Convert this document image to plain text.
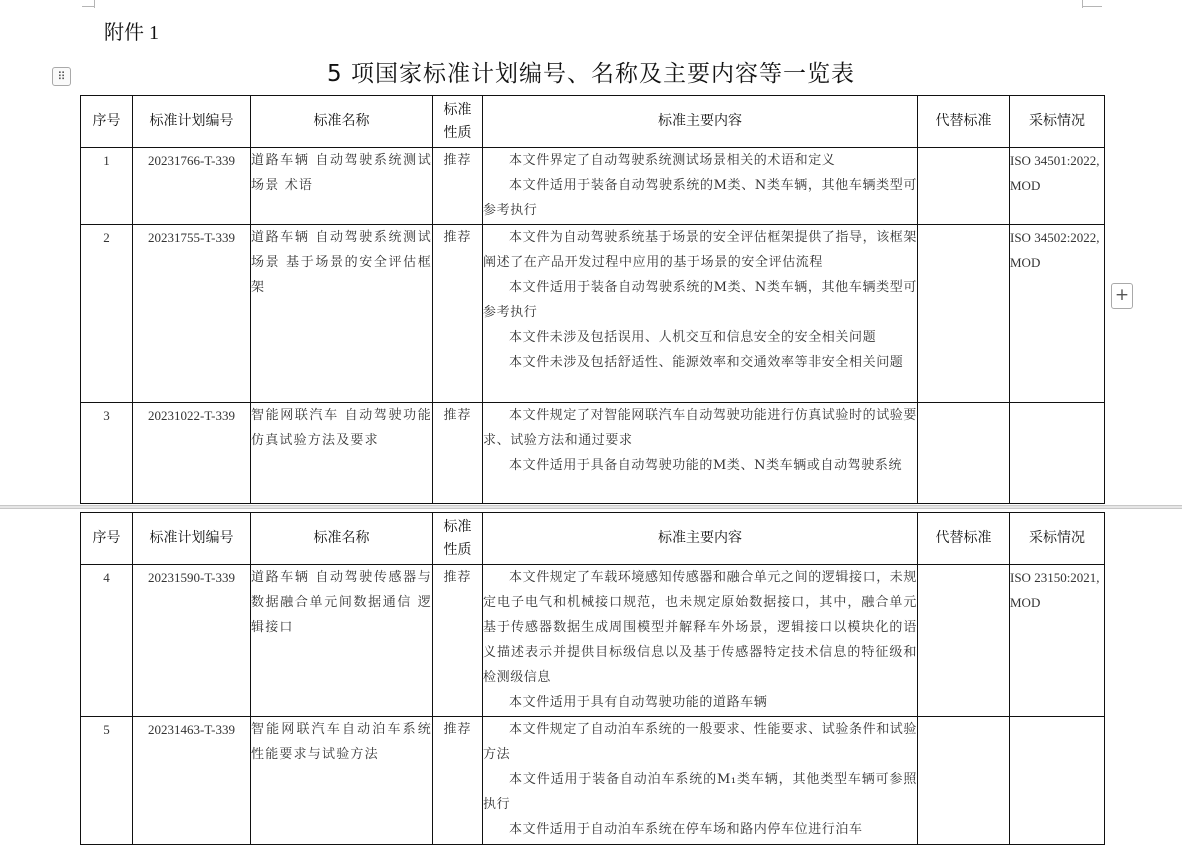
附件 1
5 项国家标准计划编号、名称及主要内容等一览表
⠿
+
序号	标准计划编号	标准名称	标准性质	标准主要内容	代替标准	采标情况
1	20231766-T-339	道路车辆 自动驾驶系统测试场景 术语	推荐	本文件界定了自动驾驶系统测试场景相关的术语和定义

本文件适用于装备自动驾驶系统的M类、N类车辆，其他车辆类型可参考执行		ISO 34501:2022, MOD
2	20231755-T-339	道路车辆 自动驾驶系统测试场景 基于场景的安全评估框架	推荐	本文件为自动驾驶系统基于场景的安全评估框架提供了指导，该框架阐述了在产品开发过程中应用的基于场景的安全评估流程

本文件适用于装备自动驾驶系统的M类、N类车辆，其他车辆类型可参考执行

本文件未涉及包括误用、人机交互和信息安全的安全相关问题

本文件未涉及包括舒适性、能源效率和交通效率等非安全相关问题		ISO 34502:2022, MOD
3	20231022-T-339	智能网联汽车 自动驾驶功能仿真试验方法及要求	推荐	本文件规定了对智能网联汽车自动驾驶功能进行仿真试验时的试验要求、试验方法和通过要求

本文件适用于具备自动驾驶功能的M类、N类车辆或自动驾驶系统		

序号	标准计划编号	标准名称	标准性质	标准主要内容	代替标准	采标情况
4	20231590-T-339	道路车辆 自动驾驶传感器与数据融合单元间数据通信 逻辑接口	推荐	本文件规定了车载环境感知传感器和融合单元之间的逻辑接口，未规定电子电气和机械接口规范，也未规定原始数据接口，其中，融合单元基于传感器数据生成周围模型并解释车外场景，逻辑接口以模块化的语义描述表示并提供目标级信息以及基于传感器特定技术信息的特征级和检测级信息

本文件适用于具有自动驾驶功能的道路车辆		ISO 23150:2021, MOD
5	20231463-T-339	智能网联汽车自动泊车系统性能要求与试验方法	推荐	本文件规定了自动泊车系统的一般要求、性能要求、试验条件和试验方法

本文件适用于装备自动泊车系统的M₁类车辆，其他类型车辆可参照执行

本文件适用于自动泊车系统在停车场和路内停车位进行泊车		
